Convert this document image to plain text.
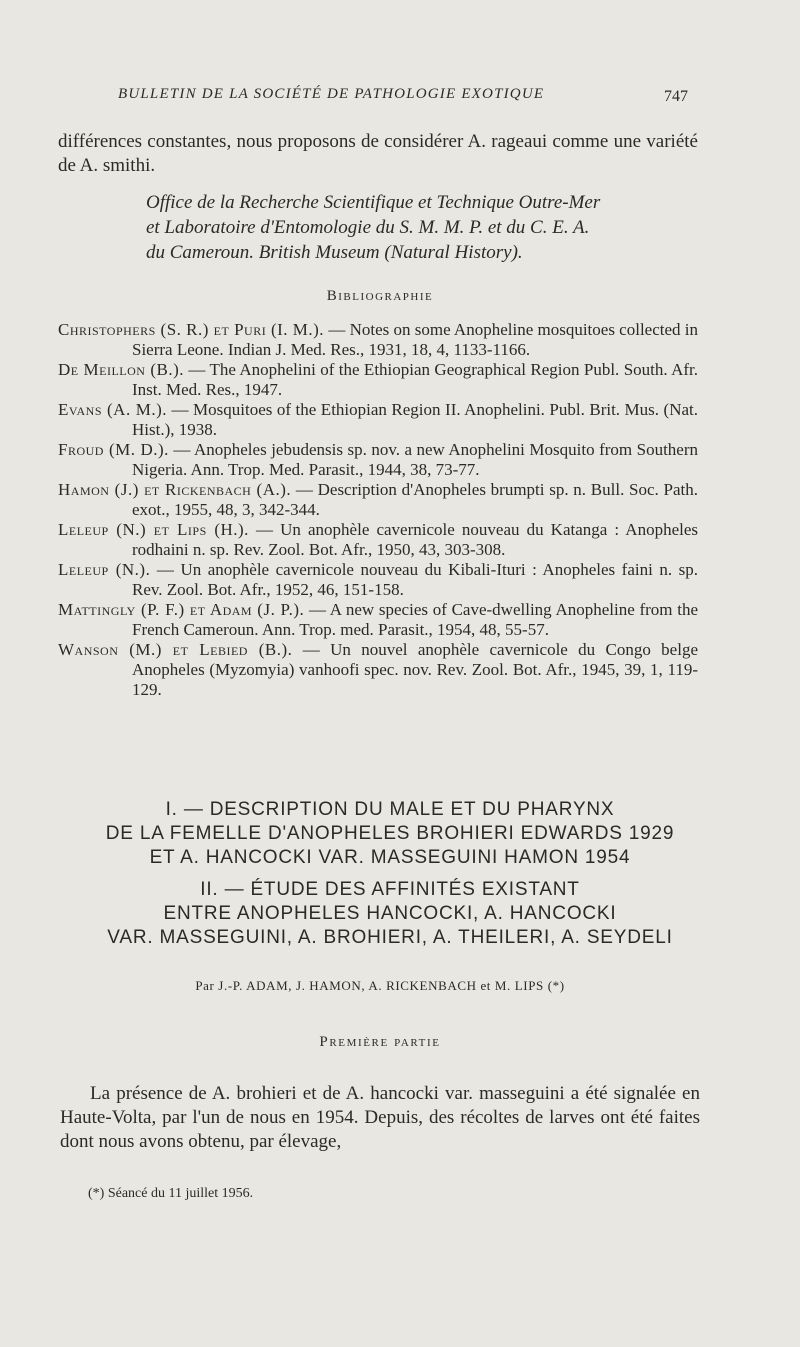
BULLETIN DE LA SOCIÉTÉ DE PATHOLOGIE EXOTIQUE	747

différences constantes, nous proposons de considérer A. rageaui comme une variété de A. smithi.

Office de la Recherche Scientifique et Technique Outre-Mer
et Laboratoire d'Entomologie du S. M. M. P. et du C. E. A.
du Cameroun. British Museum (Natural History).
Bibliographie

Christophers (S. R.) et Puri (I. M.). — Notes on some Anopheline mosquitoes collected in Sierra Leone. Indian J. Med. Res., 1931, 18, 4, 1133-1166.

De Meillon (B.). — The Anophelini of the Ethiopian Geographical Region Publ. South. Afr. Inst. Med. Res., 1947.

Evans (A. M.). — Mosquitoes of the Ethiopian Region II. Anophelini. Publ. Brit. Mus. (Nat. Hist.), 1938.

Froud (M. D.). — Anopheles jebudensis sp. nov. a new Anophelini Mosquito from Southern Nigeria. Ann. Trop. Med. Parasit., 1944, 38, 73-77.

Hamon (J.) et Rickenbach (A.). — Description d'Anopheles brumpti sp. n. Bull. Soc. Path. exot., 1955, 48, 3, 342-344.

Leleup (N.) et Lips (H.). — Un anophèle cavernicole nouveau du Katanga : Anopheles rodhaini n. sp. Rev. Zool. Bot. Afr., 1950, 43, 303-308.

Leleup (N.). — Un anophèle cavernicole nouveau du Kibali-Ituri : Anopheles faini n. sp. Rev. Zool. Bot. Afr., 1952, 46, 151-158.

Mattingly (P. F.) et Adam (J. P.). — A new species of Cave-dwelling Anopheline from the French Cameroun. Ann. Trop. med. Parasit., 1954, 48, 55-57.

Wanson (M.) et Lebied (B.). — Un nouvel anophèle cavernicole du Congo belge Anopheles (Myzomyia) vanhoofi spec. nov. Rev. Zool. Bot. Afr., 1945, 39, 1, 119-129.

I. — DESCRIPTION DU MALE ET DU PHARYNX
DE LA FEMELLE D'ANOPHELES BROHIERI EDWARDS 1929
ET A. HANCOCKI VAR. MASSEGUINI HAMON 1954
II. — ÉTUDE DES AFFINITÉS EXISTANT
ENTRE ANOPHELES HANCOCKI, A. HANCOCKI
VAR. MASSEGUINI, A. BROHIERI, A. THEILERI, A. SEYDELI
Par J.-P. ADAM, J. HAMON, A. RICKENBACH et M. LIPS (*)
Première partie

La présence de A. brohieri et de A. hancocki var. masseguini a été signalée en Haute-Volta, par l'un de nous en 1954. Depuis, des récoltes de larves ont été faites dont nous avons obtenu, par élevage,

(*) Séancé du 11 juillet 1956.
